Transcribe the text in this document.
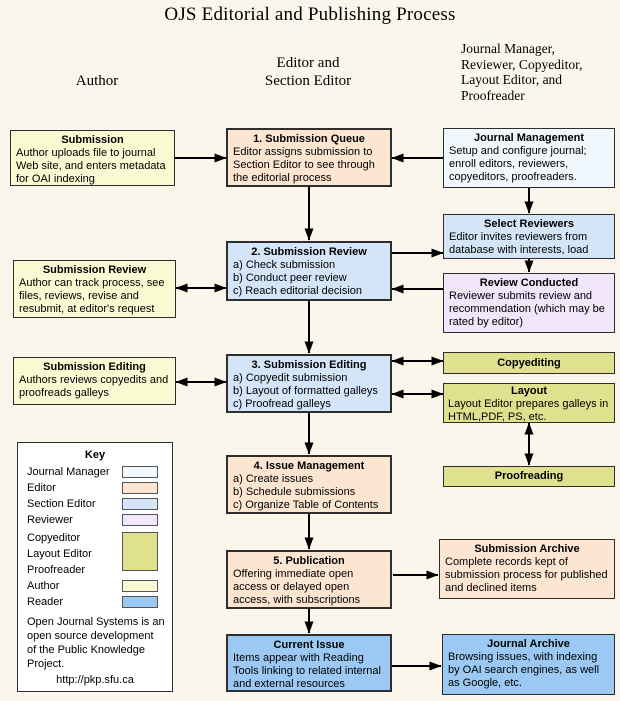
OJS Editorial and Publishing Process
Author
Editor and
Section Editor
Journal Manager,
Reviewer, Copyeditor,
Layout Editor, and
Proofreader
Submission
Author uploads file to journal Web site, and enters metadata for OAI indexing
Submission Review
Author can track process, see files, reviews, revise and resubmit, at editor's request
Submission Editing
Authors reviews copyedits and proofreads galleys
1. Submission Queue
Editor assigns submission to Section Editor to see through the editorial process
2. Submission Review
a) Check submission
b) Conduct peer review
c) Reach editorial decision
3. Submission Editing
a) Copyedit submission
b) Layout of formatted galleys
c) Proofread galleys
4. Issue Management
a) Create issues
b) Schedule submissions
c) Organize Table of Contents
5. Publication
Offering immediate open access or delayed open access, with subscriptions
Current Issue
Items appear with Reading Tools linking to related internal and external resources
Journal Management
Setup and configure journal; enroll editors, reviewers, copyeditors, proofreaders.
Select Reviewers
Editor invites reviewers from database with interests, load
Review Conducted
Reviewer submits review and recommendation (which may be rated by editor)
Copyediting
Layout
Layout Editor prepares galleys in HTML,PDF, PS, etc.
Proofreading
Submission Archive
Complete records kept of submission process for published and declined items
Journal Archive
Browsing issues, with indexing by OAI search engines, as well as Google, etc.
Key
Journal Manager
Editor
Section Editor
Reviewer
Copyeditor
Layout Editor
Proofreader
Author
Reader
Open Journal Systems is an open source development of the Public Knowledge Project.
http://pkp.sfu.ca
